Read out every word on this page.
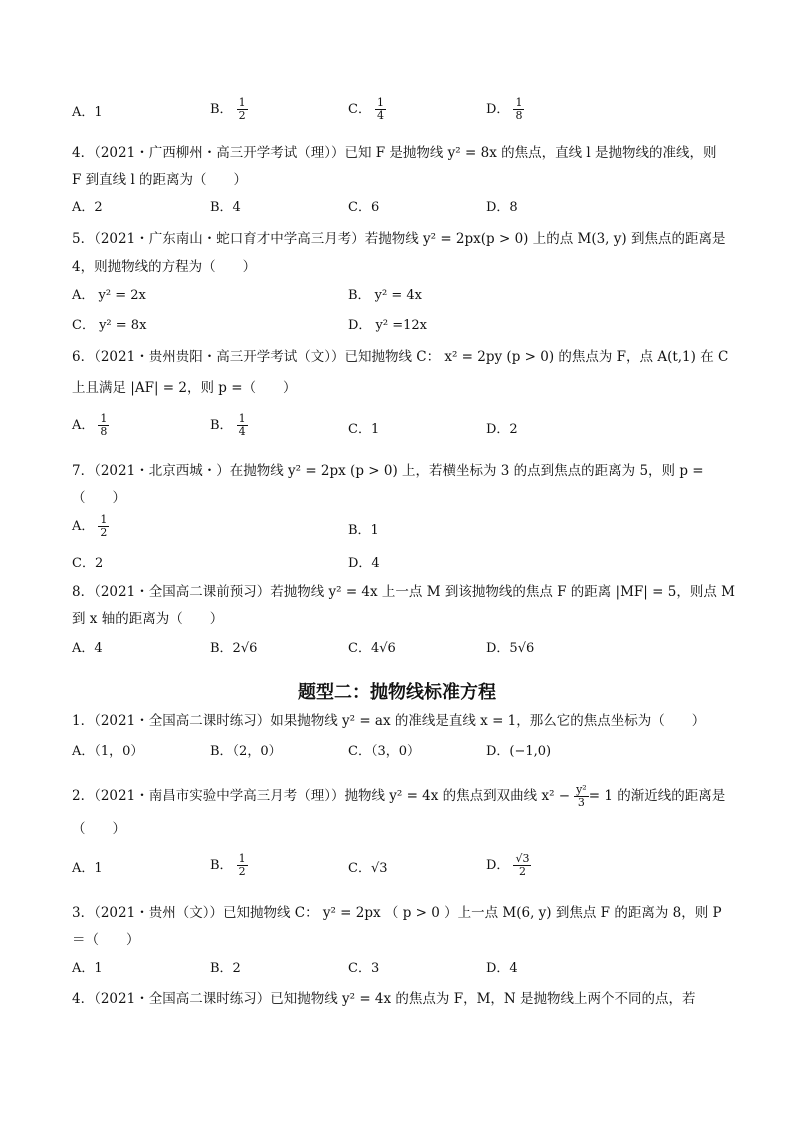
A．1	B． $\frac{1}{2}$	C． $\frac{1}{4}$	D． $\frac{1}{8}$
4．（2021・广西柳州・高三开学考试（理））已知 F 是抛物线 y² = 8x 的焦点，直线 l 是抛物线的准线，则
F 到直线 l 的距离为（　　）
A．2	B．4	C．6	D．8
5．（2021・广东南山・蛇口育才中学高三月考）若抛物线 y² = 2px(p > 0) 上的点 M(3, y) 到焦点的距离是
4，则抛物线的方程为（　　）
A． y² = 2x	B． y² = 4x
C． y² = 8x	D． y² =12x
6．（2021・贵州贵阳・高三开学考试（文））已知抛物线 C： x² = 2py (p > 0) 的焦点为 F，点 A(t,1) 在 C
上且满足 |AF| = 2，则 p =（　　）
A． $\frac{1}{8}$	B． $\frac{1}{4}$	C．1	D．2
7．（2021・北京西城・）在抛物线 y² = 2px (p > 0) 上，若横坐标为 3 的点到焦点的距离为 5，则 p =
（　　）
A． $\frac{1}{2}$	B．1
C．2	D．4
8．（2021・全国高二课前预习）若抛物线 y² = 4x 上一点 M 到该抛物线的焦点 F 的距离 |MF| = 5，则点 M
到 x 轴的距离为（　　）
A．4	B．2√6	C．4√6	D．5√6
题型二：抛物线标准方程
1．（2021・全国高二课时练习）如果抛物线 y² = ax 的准线是直线 x = 1，那么它的焦点坐标为（　　）
A．（1，0）	B．（2，0）	C．（3，0）	D．(−1,0)
2．（2021・南昌市实验中学高三月考（理））抛物线 y² = 4x 的焦点到双曲线 $x^2 - \frac{\text{y²}}{3} = 1$ 的渐近线的距离是
（　　）
A．1	B． $\frac{1}{2}$	C．√3	D． $\frac{√3}{2}$
3．（2021・贵州（文））已知抛物线 C： y² = 2px （ p > 0 ）上一点 M(6, y) 到焦点 F 的距离为 8，则 P
＝（　　）
A．1	B．2	C．3	D．4
4．（2021・全国高二课时练习）已知抛物线 y² = 4x 的焦点为 F，M，N 是抛物线上两个不同的点，若
